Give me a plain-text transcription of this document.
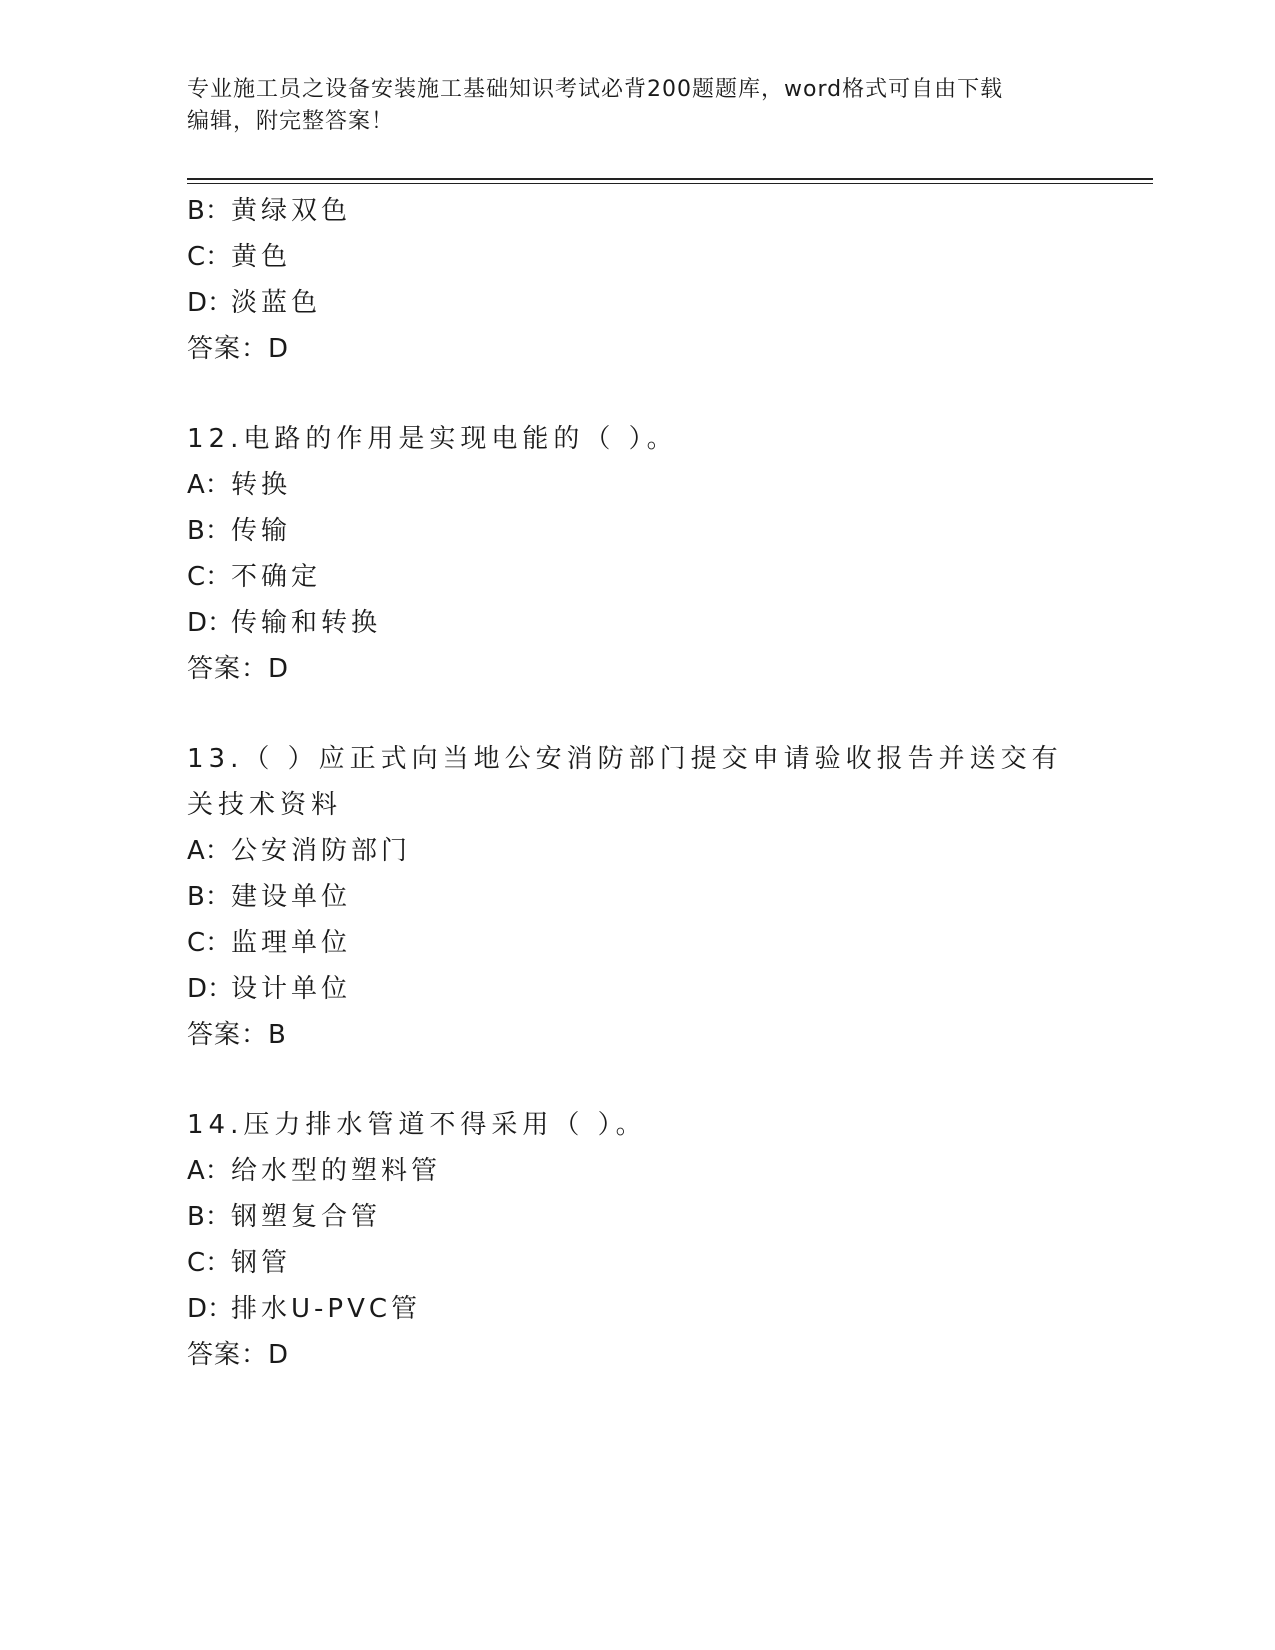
专业施工员之设备安装施工基础知识考试必背200题题库，word格式可自由下载
编辑，附完整答案！
B：黄绿双色
C：黄色
D：淡蓝色
答案：D
12.电路的作用是实现电能的（ ）。
A：转换
B：传输
C：不确定
D：传输和转换
答案：D
13.（ ）应正式向当地公安消防部门提交申请验收报告并送交有关技术资料
A：公安消防部门
B：建设单位
C：监理单位
D：设计单位
答案：B
14.压力排水管道不得采用（ ）。
A：给水型的塑料管
B：钢塑复合管
C：钢管
D：排水U-PVC管
答案：D
